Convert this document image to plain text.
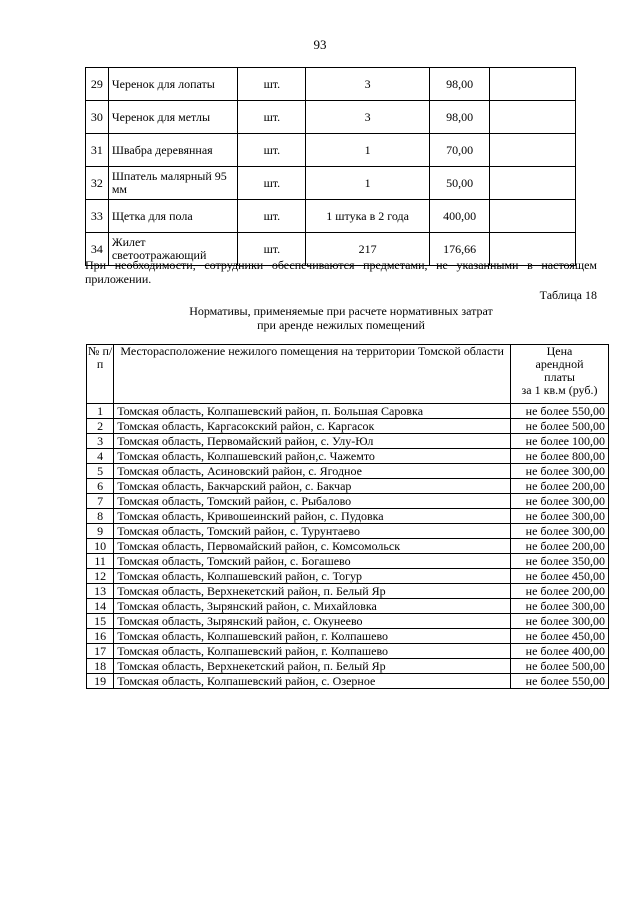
93
29	Черенок для лопаты	шт.	3	98,00	
30	Черенок для метлы	шт.	3	98,00	
31	Швабра деревянная	шт.	1	70,00	
32	Шпатель малярный 95 мм	шт.	1	50,00	
33	Щетка для пола	шт.	1 штука в 2 года	400,00	
34	Жилет светоотражающий	шт.	217	176,66	
При необходимости, сотрудники обеспечиваются предметами, не указанными в настоящем приложении.
Таблица 18
Нормативы, применяемые при расчете нормативных затрат
при аренде нежилых помещений
№ п/ п	Месторасположение нежилого помещения на территории Томской области	Цена
арендной
платы
за 1 кв.м (руб.)

1	Томская область, Колпашевский район, п. Большая Саровка	не более 550,00
2	Томская область, Каргасокский район, с. Каргасок	не более 500,00
3	Томская область, Первомайский район, с. Улу-Юл	не более 100,00
4	Томская область, Колпашевский район,с. Чажемто	не более 800,00
5	Томская область, Асиновский район, с. Ягодное	не более 300,00
6	Томская область, Бакчарский район, с. Бакчар	не более 200,00
7	Томская область, Томский район, с. Рыбалово	не более 300,00
8	Томская область, Кривошеинский район, с. Пудовка	не более 300,00
9	Томская область, Томский район, с. Турунтаево	не более 300,00
10	Томская область, Первомайский район, с. Комсомольск	не более 200,00
11	Томская область, Томский район, с. Богашево	не более 350,00
12	Томская область, Колпашевский район, с. Тогур	не более 450,00
13	Томская область, Верхнекетский район, п. Белый Яр	не более 200,00
14	Томская область, Зырянский район, с. Михайловка	не более 300,00
15	Томская область, Зырянский район, с. Окунеево	не более 300,00
16	Томская область, Колпашевский район, г. Колпашево	не более 450,00
17	Томская область, Колпашевский район, г. Колпашево	не более 400,00
18	Томская область, Верхнекетский район, п. Белый Яр	не более 500,00
19	Томская область, Колпашевский район, с. Озерное	не более 550,00
